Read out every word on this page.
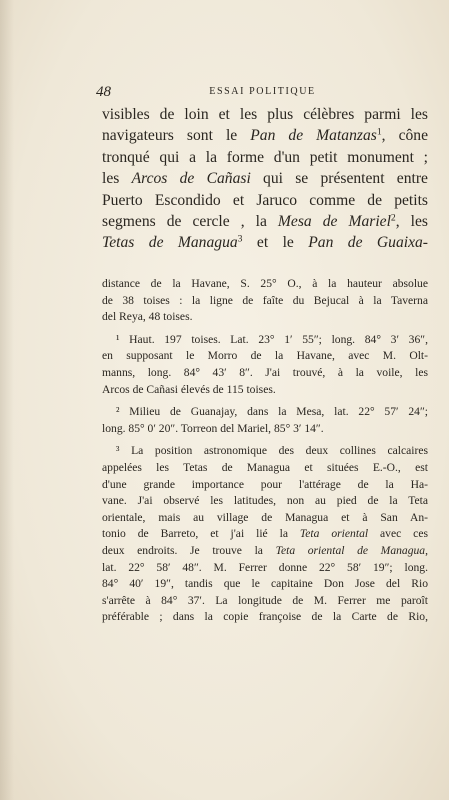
48	ESSAI POLITIQUE
visibles de loin et les plus célèbres parmi les
navigateurs sont le Pan de Matanzas$^1$, cône
tronqué qui a la forme d'un petit monument ;
les Arcos de Cañasi qui se présentent entre
Puerto Escondido et Jaruco comme de petits
segmens de cercle , la Mesa de Mariel$^2$, les
Tetas de Managua$^3$ et le Pan de Guaixa-
distance de la Havane, S. 25° O., à la hauteur absolue
de 38 toises : la ligne de faîte du Bejucal à la Taverna
del Reya, 48 toises.
¹ Haut. 197 toises. Lat. 23° 1′ 55″; long. 84° 3′ 36″,
en supposant le Morro de la Havane, avec M. Olt-
manns, long. 84° 43′ 8″. J'ai trouvé, à la voile, les
Arcos de Cañasi élevés de 115 toises.
² Milieu de Guanajay, dans la Mesa, lat. 22° 57′ 24″;
long. 85° 0′ 20″. Torreon del Mariel, 85° 3′ 14″.
³ La position astronomique des deux collines calcaires
appelées les Tetas de Managua et situées E.-O., est
d'une grande importance pour l'attérage de la Ha-
vane. J'ai observé les latitudes, non au pied de la Teta
orientale, mais au village de Managua et à San An-
tonio de Barreto, et j'ai lié la Teta oriental avec ces
deux endroits. Je trouve la Teta oriental de Managua,
lat. 22° 58′ 48″. M. Ferrer donne 22° 58′ 19″; long.
84° 40′ 19″, tandis que le capitaine Don Jose del Rio
s'arrête à 84° 37′. La longitude de M. Ferrer me paroît
préférable ; dans la copie françoise de la Carte de Rio,
